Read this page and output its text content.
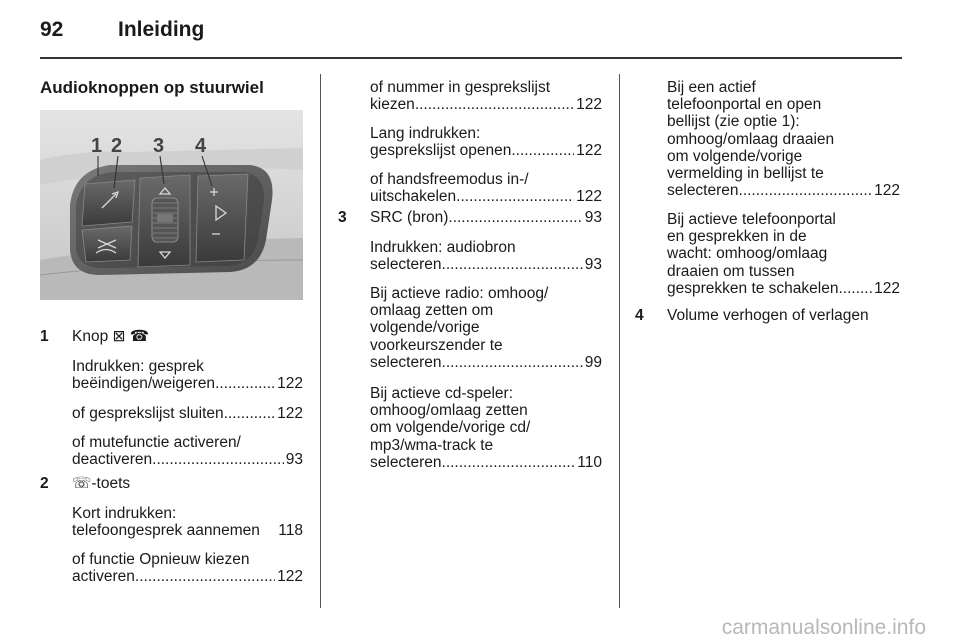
92	Inleiding
Audioknoppen op stuurwiel
1 2 3 4
1 Knop ⊠ ☎
Indrukken: gesprek
beëindigen/weigeren .....	122
of gesprekslijst sluiten .....	122
of mutefunctie activeren/
deactiveren .....	93
2 ☏-toets
Kort indrukken:
telefoongesprek aannemen 118
of functie Opnieuw kiezen
activeren .....	122
of nummer in gesprekslijst
kiezen .....	122
Lang indrukken:
gesprekslijst openen .....	122
of handsfreemodus in-/
uitschakelen .....	122
3 SRC (bron) .....	93
Indrukken: audiobron
selecteren .....	93
Bij actieve radio: omhoog/
omlaag zetten om
volgende/vorige
voorkeurszender te
selecteren .....	99
Bij actieve cd-speler:
omhoog/omlaag zetten
om volgende/vorige cd/
mp3/wma-track te
selecteren .....	110
Bij een actief
telefoonportal en open
bellijst (zie optie 1):
omhoog/omlaag draaien
om volgende/vorige
vermelding in bellijst te
selecteren .....	122
Bij actieve telefoonportal
en gesprekken in de
wacht: omhoog/omlaag
draaien om tussen
gesprekken te schakelen ..... 122
4 Volume verhogen of verlagen
carmanualsonline.info
